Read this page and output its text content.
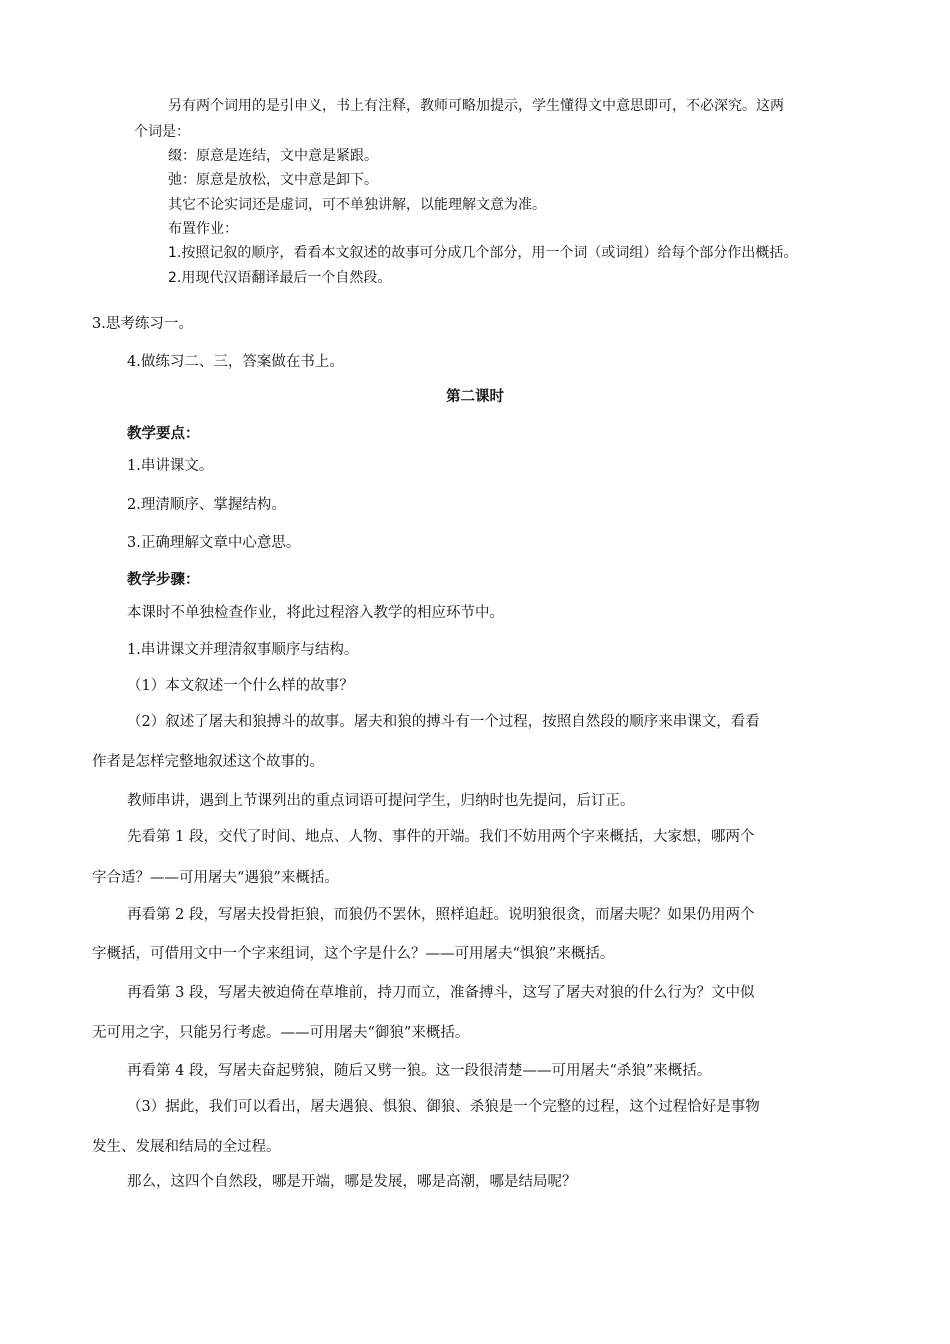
另有两个词用的是引申义，书上有注释，教师可略加提示，学生懂得文中意思即可，不必深究。这两
个词是：
缀：原意是连结，文中意是紧跟。
弛：原意是放松，文中意是卸下。
其它不论实词还是虚词，可不单独讲解，以能理解文意为准。
布置作业：
1.按照记叙的顺序，看看本文叙述的故事可分成几个部分，用一个词（或词组）给每个部分作出概括。
2.用现代汉语翻译最后一个自然段。
3.思考练习一。
4.做练习二、三，答案做在书上。
第二课时
教学要点：
1.串讲课文。
2.理清顺序、掌握结构。
3.正确理解文章中心意思。
教学步骤：
本课时不单独检查作业，将此过程溶入教学的相应环节中。
1.串讲课文并理清叙事顺序与结构。
（1）本文叙述一个什么样的故事？
（2）叙述了屠夫和狼搏斗的故事。屠夫和狼的搏斗有一个过程，按照自然段的顺序来串课文，看看
作者是怎样完整地叙述这个故事的。
教师串讲，遇到上节课列出的重点词语可提问学生，归纳时也先提问，后订正。
先看第 1 段，交代了时间、地点、人物、事件的开端。我们不妨用两个字来概括，大家想，哪两个
字合适？——可用屠夫“遇狼”来概括。
再看第 2 段，写屠夫投骨拒狼，而狼仍不罢休，照样追赶。说明狼很贪，而屠夫呢？如果仍用两个
字概括，可借用文中一个字来组词，这个字是什么？——可用屠夫“惧狼”来概括。
再看第 3 段，写屠夫被迫倚在草堆前，持刀而立，准备搏斗，这写了屠夫对狼的什么行为？文中似
无可用之字，只能另行考虑。——可用屠夫“御狼”来概括。
再看第 4 段，写屠夫奋起劈狼，随后又劈一狼。这一段很清楚——可用屠夫“杀狼”来概括。
（3）据此，我们可以看出，屠夫遇狼、惧狼、御狼、杀狼是一个完整的过程，这个过程恰好是事物
发生、发展和结局的全过程。
那么，这四个自然段，哪是开端，哪是发展，哪是高潮，哪是结局呢？
